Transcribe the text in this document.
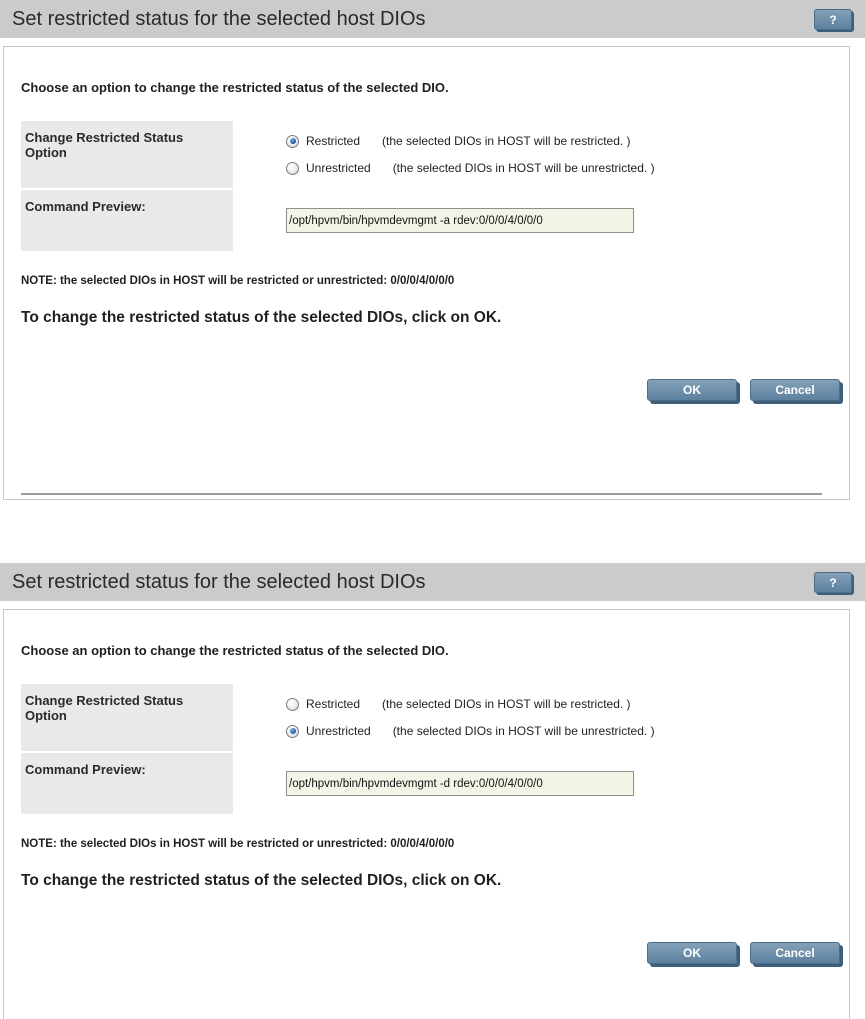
Set restricted status for the selected host DIOs	?
Choose an option to change the restricted status of the selected DIO.
Change Restricted Status Option
Restricted (the selected DIOs in HOST will be restricted. )
Unrestricted (the selected DIOs in HOST will be unrestricted. )
Command Preview:
/opt/hpvm/bin/hpvmdevmgmt -a rdev:0/0/0/4/0/0/0
NOTE: the selected DIOs in HOST will be restricted or unrestricted: 0/0/0/4/0/0/0
To change the restricted status of the selected DIOs, click on OK.
OK	Cancel
Set restricted status for the selected host DIOs	?
Choose an option to change the restricted status of the selected DIO.
Change Restricted Status Option
Restricted (the selected DIOs in HOST will be restricted. )
Unrestricted (the selected DIOs in HOST will be unrestricted. )
Command Preview:
/opt/hpvm/bin/hpvmdevmgmt -d rdev:0/0/0/4/0/0/0
NOTE: the selected DIOs in HOST will be restricted or unrestricted: 0/0/0/4/0/0/0
To change the restricted status of the selected DIOs, click on OK.
OK	Cancel
